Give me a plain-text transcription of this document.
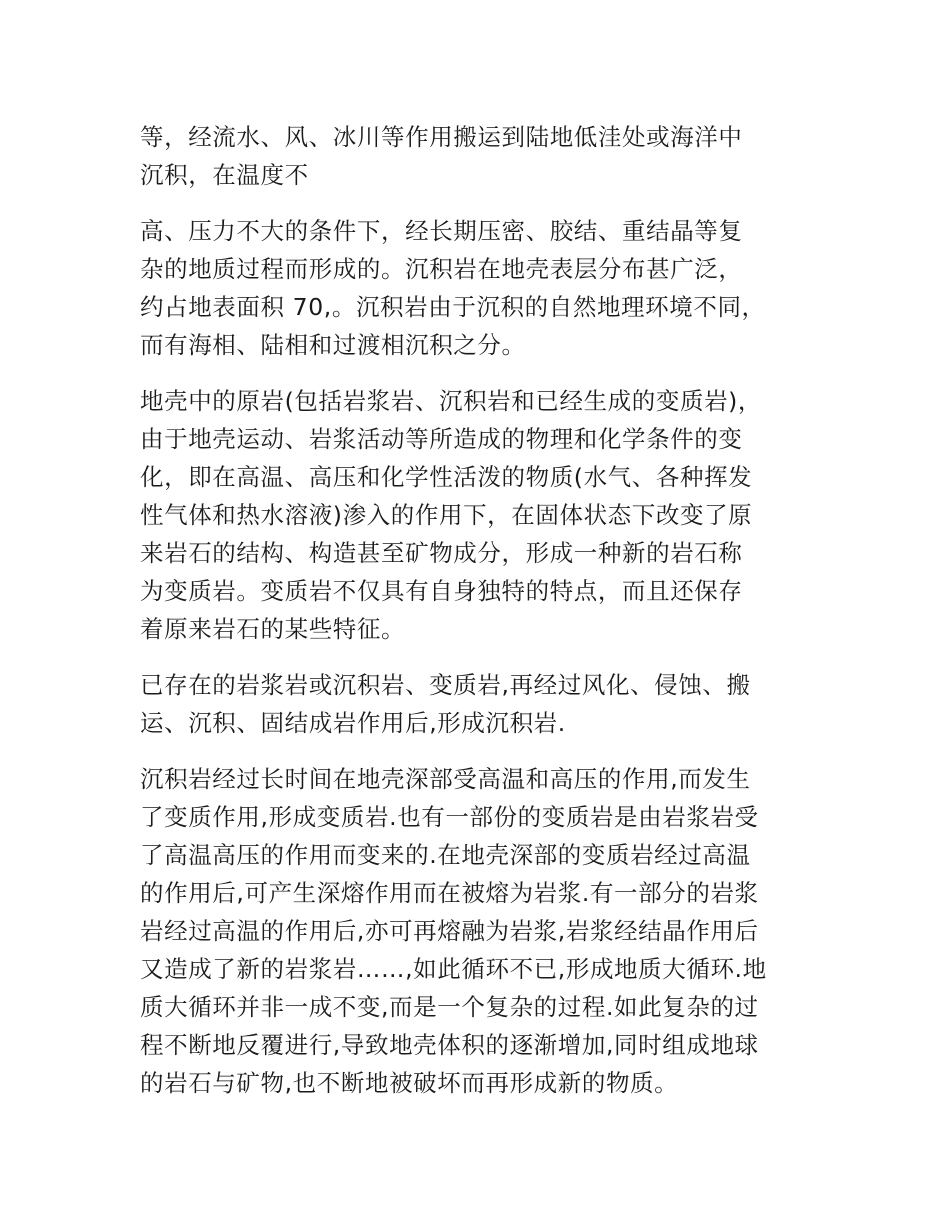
等，经流水、风、冰川等作用搬运到陆地低洼处或海洋中
沉积，在温度不

高、压力不大的条件下，经长期压密、胶结、重结晶等复
杂的地质过程而形成的。沉积岩在地壳表层分布甚广泛，
约占地表面积 70,。沉积岩由于沉积的自然地理环境不同，
而有海相、陆相和过渡相沉积之分。

地壳中的原岩(包括岩浆岩、沉积岩和已经生成的变质岩)，
由于地壳运动、岩浆活动等所造成的物理和化学条件的变
化，即在高温、高压和化学性活泼的物质(水气、各种挥发
性气体和热水溶液)渗入的作用下，在固体状态下改变了原
来岩石的结构、构造甚至矿物成分，形成一种新的岩石称
为变质岩。变质岩不仅具有自身独特的特点，而且还保存
着原来岩石的某些特征。

已存在的岩浆岩或沉积岩、变质岩,再经过风化、侵蚀、搬
运、沉积、固结成岩作用后,形成沉积岩.

沉积岩经过长时间在地壳深部受高温和高压的作用,而发生
了变质作用,形成变质岩.也有一部份的变质岩是由岩浆岩受
了高温高压的作用而变来的.在地壳深部的变质岩经过高温
的作用后,可产生深熔作用而在被熔为岩浆.有一部分的岩浆
岩经过高温的作用后,亦可再熔融为岩浆,岩浆经结晶作用后
又造成了新的岩浆岩……,如此循环不已,形成地质大循环.地
质大循环并非一成不变,而是一个复杂的过程.如此复杂的过
程不断地反覆进行,导致地壳体积的逐渐增加,同时组成地球
的岩石与矿物,也不断地被破坏而再形成新的物质。
